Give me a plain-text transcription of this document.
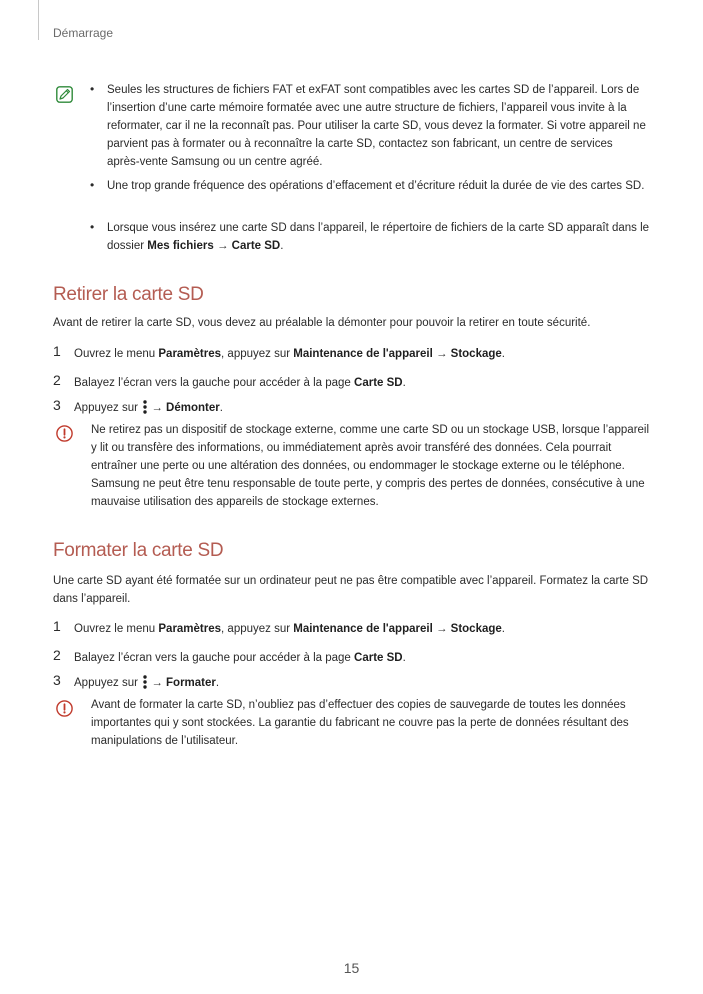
Démarrage
• Seules les structures de fichiers FAT et exFAT sont compatibles avec les cartes SD de l’appareil. Lors de l’insertion d’une carte mémoire formatée avec une autre structure de fichiers, l’appareil vous invite à la reformater, car il ne la reconnaît pas. Pour utiliser la carte SD, vous devez la formater. Si votre appareil ne parvient pas à formater ou à reconnaître la carte SD, contactez son fabricant, un centre de services après-vente Samsung ou un centre agréé.
• Une trop grande fréquence des opérations d’effacement et d’écriture réduit la durée de vie des cartes SD.
• Lorsque vous insérez une carte SD dans l’appareil, le répertoire de fichiers de la carte SD apparaît dans le dossier Mes fichiers → Carte SD.
Retirer la carte SD
Avant de retirer la carte SD, vous devez au préalable la démonter pour pouvoir la retirer en toute sécurité.
1 Ouvrez le menu Paramètres, appuyez sur Maintenance de l'appareil → Stockage.
2 Balayez l’écran vers la gauche pour accéder à la page Carte SD.
3 Appuyez sur  → Démonter.
Ne retirez pas un dispositif de stockage externe, comme une carte SD ou un stockage USB, lorsque l’appareil y lit ou transfère des informations, ou immédiatement après avoir transféré des données. Cela pourrait entraîner une perte ou une altération des données, ou endommager le stockage externe ou le téléphone. Samsung ne peut être tenu responsable de toute perte, y compris des pertes de données, consécutive à une mauvaise utilisation des appareils de stockage externes.
Formater la carte SD
Une carte SD ayant été formatée sur un ordinateur peut ne pas être compatible avec l’appareil. Formatez la carte SD dans l’appareil.
1 Ouvrez le menu Paramètres, appuyez sur Maintenance de l'appareil → Stockage.
2 Balayez l’écran vers la gauche pour accéder à la page Carte SD.
3 Appuyez sur  → Formater.
Avant de formater la carte SD, n’oubliez pas d’effectuer des copies de sauvegarde de toutes les données importantes qui y sont stockées. La garantie du fabricant ne couvre pas la perte de données résultant des manipulations de l’utilisateur.
15
